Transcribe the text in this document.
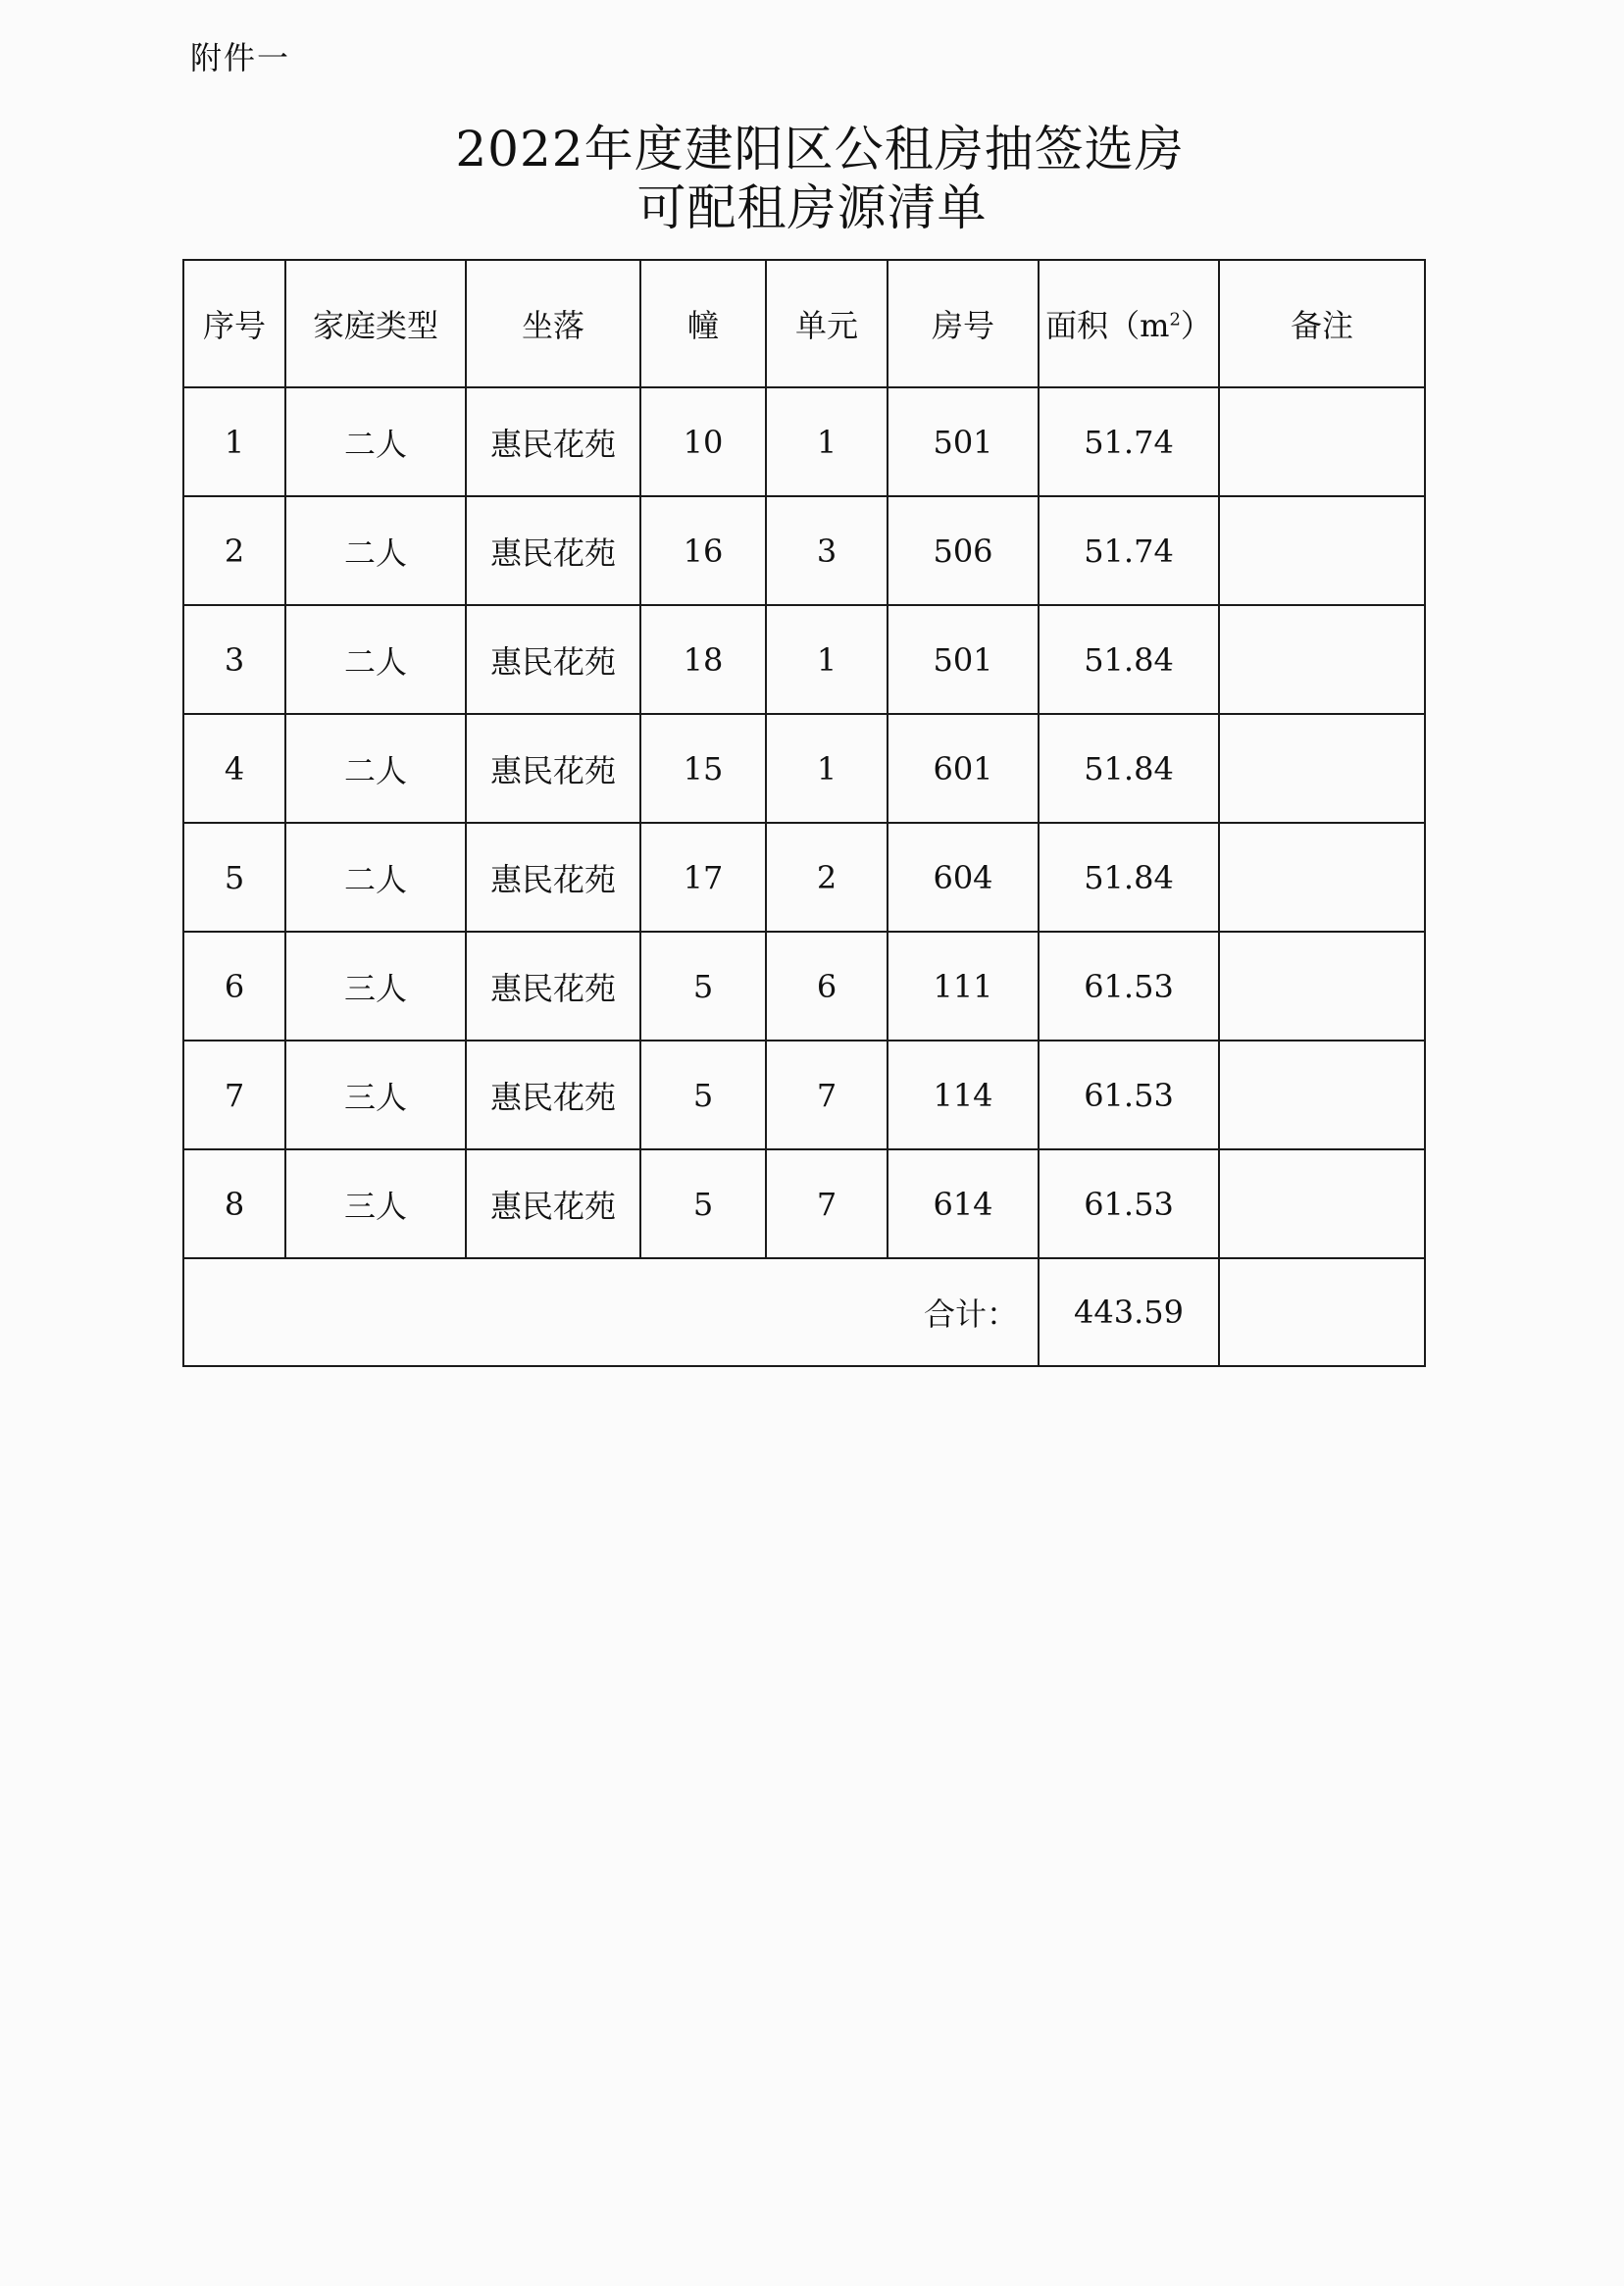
附件一
2022年度建阳区公租房抽签选房
可配租房源清单
序号	家庭类型	坐落	幢	单元	房号	面积$(m^2)$	备注
1	二人	惠民花苑	10	1	501	51.74	
2	二人	惠民花苑	16	3	506	51.74	
3	二人	惠民花苑	18	1	501	51.84	
4	二人	惠民花苑	15	1	601	51.84	
5	二人	惠民花苑	17	2	604	51.84	
6	三人	惠民花苑	5	6	111	61.53	
7	三人	惠民花苑	5	7	114	61.53	
8	三人	惠民花苑	5	7	614	61.53	
合计：						443.59	
